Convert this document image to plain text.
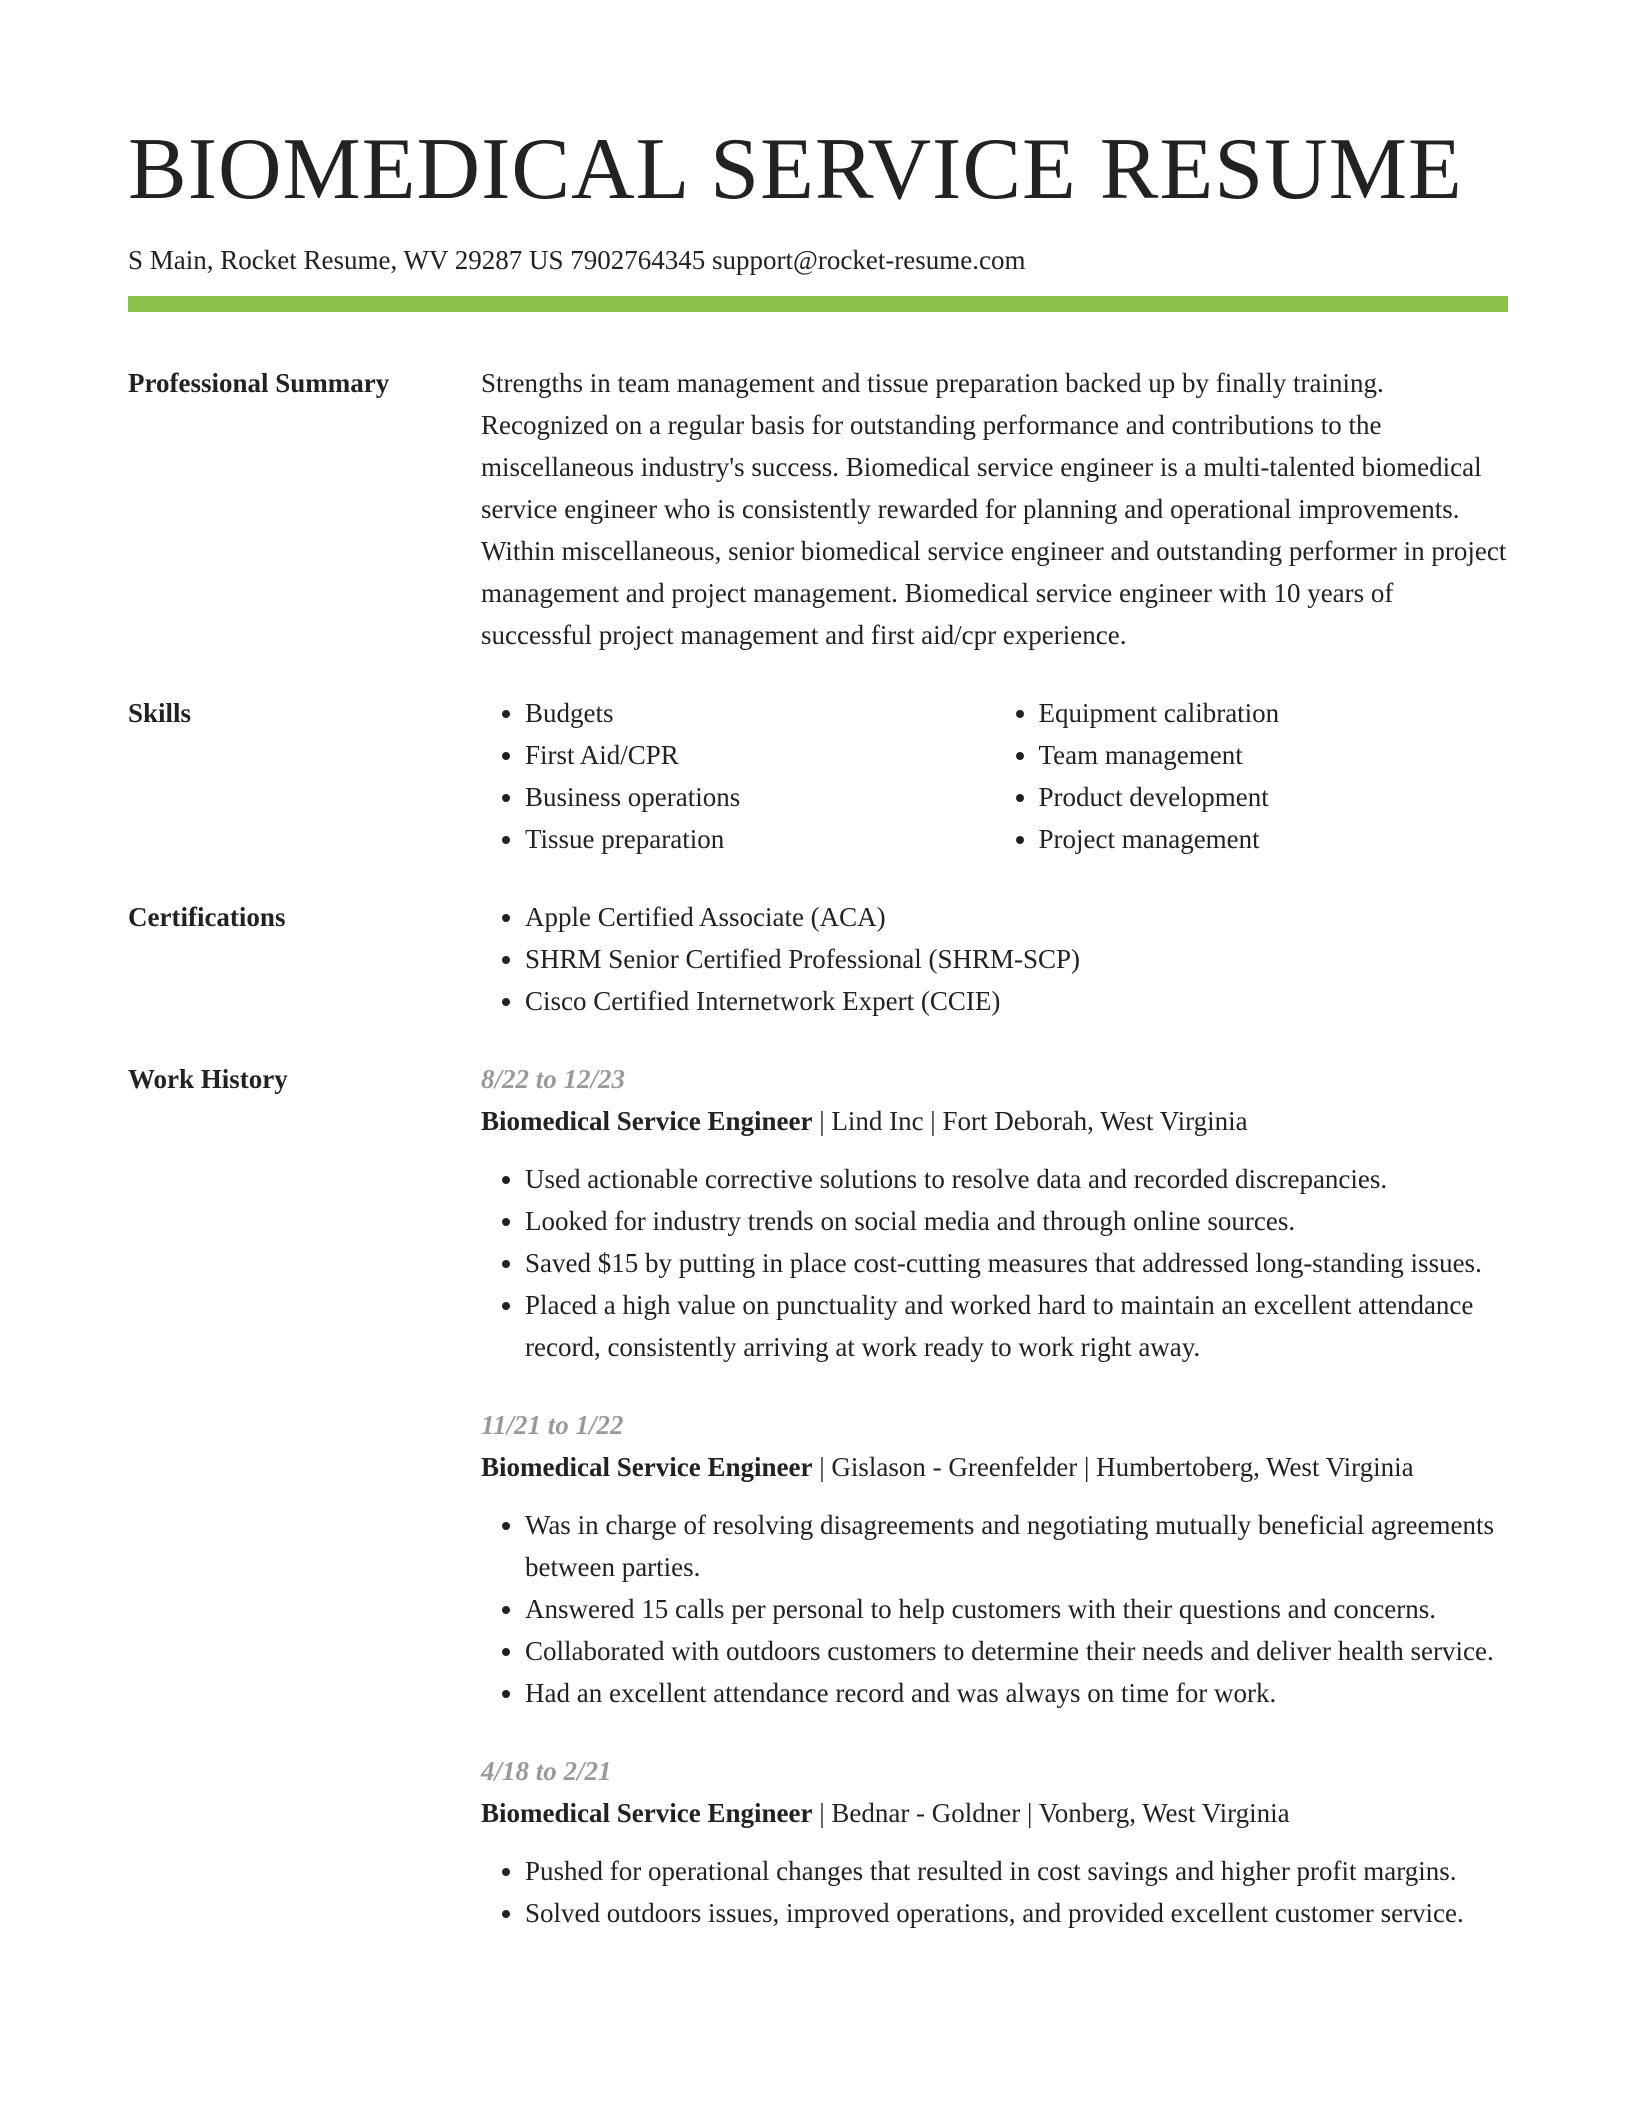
BIOMEDICAL SERVICE RESUME
S Main, Rocket Resume, WV 29287 US 7902764345 support@rocket-resume.com
Professional Summary	Strengths in team management and tissue preparation backed up by finally training. Recognized on a regular basis for outstanding performance and contributions to the miscellaneous industry's success. Biomedical service engineer is a multi-talented biomedical service engineer who is consistently rewarded for planning and operational improvements. Within miscellaneous, senior biomedical service engineer and outstanding performer in project management and project management. Biomedical service engineer with 10 years of successful project management and first aid/cpr experience.

Skills	• Budgets
• First Aid/CPR
• Business operations
• Tissue preparation
• Equipment calibration
• Team management
• Product development
• Project management
Certifications	• Apple Certified Associate (ACA)
• SHRM Senior Certified Professional (SHRM-SCP)
• Cisco Certified Internetwork Expert (CCIE)
Work History	8/22 to 12/23
Biomedical Service Engineer | Lind Inc | Fort Deborah, West Virginia
• Used actionable corrective solutions to resolve data and recorded discrepancies.
• Looked for industry trends on social media and through online sources.
• Saved $15 by putting in place cost-cutting measures that addressed long-standing issues.
• Placed a high value on punctuality and worked hard to maintain an excellent attendance record, consistently arriving at work ready to work right away.
11/21 to 1/22
Biomedical Service Engineer | Gislason - Greenfelder | Humbertoberg, West Virginia
• Was in charge of resolving disagreements and negotiating mutually beneficial agreements between parties.
• Answered 15 calls per personal to help customers with their questions and concerns.
• Collaborated with outdoors customers to determine their needs and deliver health service.
• Had an excellent attendance record and was always on time for work.
4/18 to 2/21
Biomedical Service Engineer | Bednar - Goldner | Vonberg, West Virginia
• Pushed for operational changes that resulted in cost savings and higher profit margins.
• Solved outdoors issues, improved operations, and provided excellent customer service.
